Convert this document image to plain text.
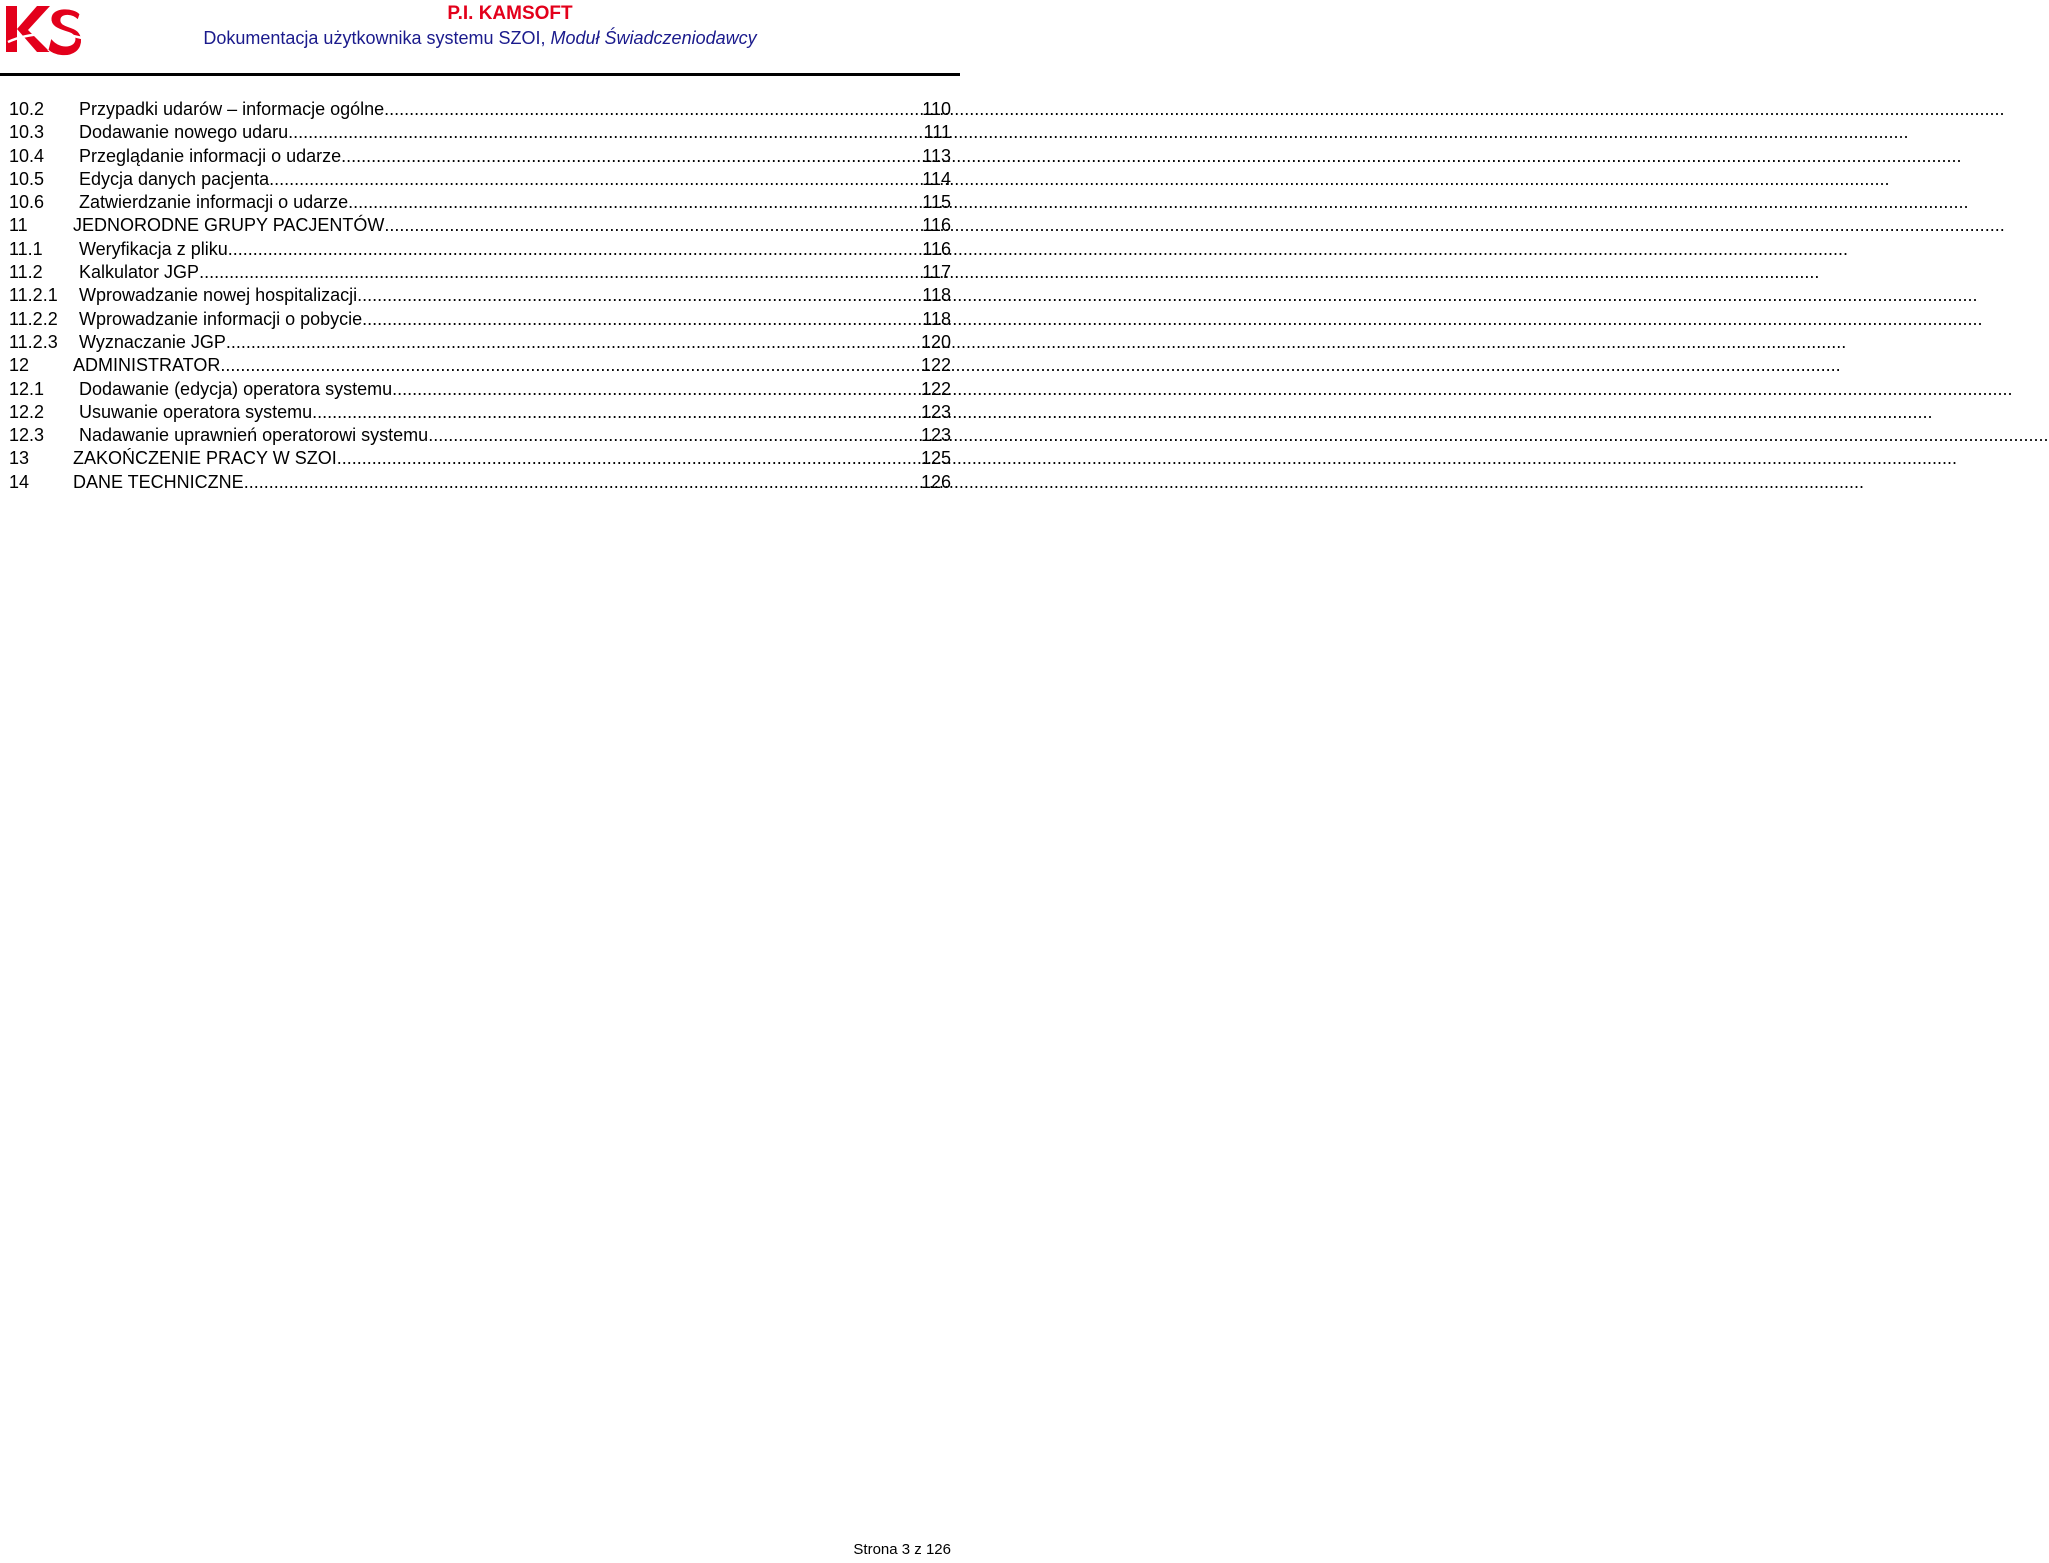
P.I. KAMSOFT
Dokumentacja użytkownika systemu SZOI, Moduł Świadczeniodawcy
10.2	Przypadki udarów – informacje ogólne .....	110
10.3	Dodawanie nowego udaru .....	111
10.4	Przeglądanie informacji o udarze .....	113
10.5	Edycja danych pacjenta .....	114
10.6	Zatwierdzanie informacji o udarze .....	115
11	JEDNORODNE GRUPY PACJENTÓW .....	116
11.1	Weryfikacja z pliku .....	116
11.2	Kalkulator JGP .....	117
11.2.1	Wprowadzanie nowej hospitalizacji .....	118
11.2.2	Wprowadzanie informacji o pobycie .....	118
11.2.3	Wyznaczanie JGP .....	120
12	ADMINISTRATOR .....	122
12.1	Dodawanie (edycja) operatora systemu .....	122
12.2	Usuwanie operatora systemu .....	123
12.3	Nadawanie uprawnień operatorowi systemu .....	123
13	ZAKOŃCZENIE PRACY W SZOI .....	125
14	DANE TECHNICZNE .....	126
Strona 3 z 126
